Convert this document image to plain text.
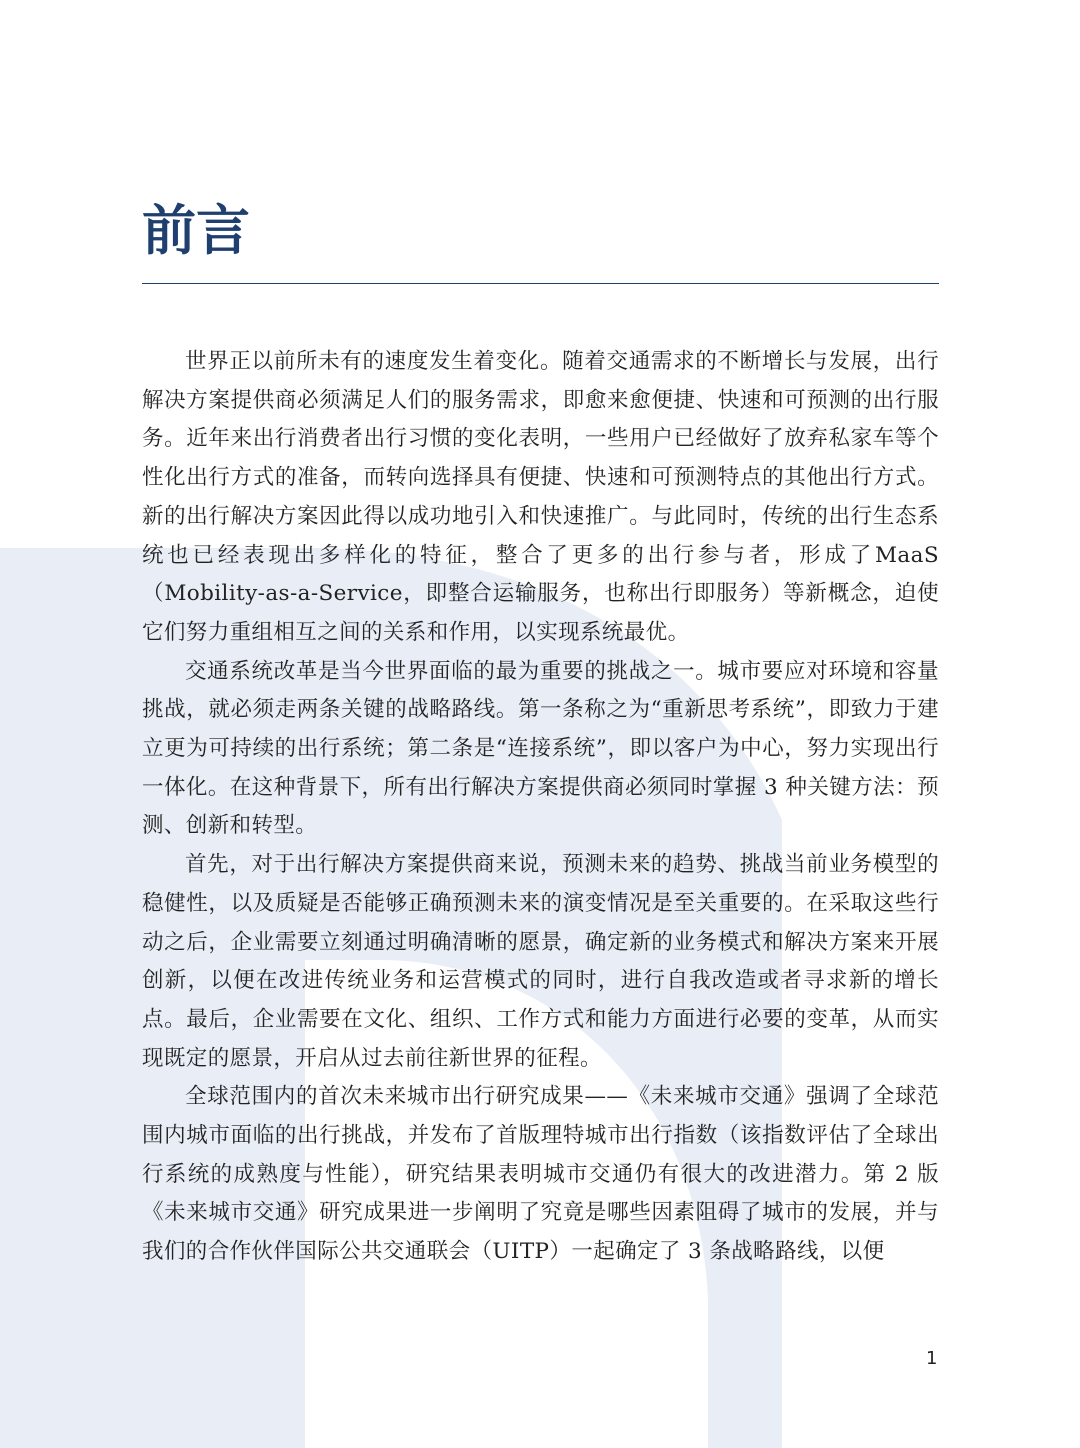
前言

世界正以前所未有的速度发生着变化。随着交通需求的不断增长与发展，出行解决方案提供商必须满足人们的服务需求，即愈来愈便捷、快速和可预测的出行服务。近年来出行消费者出行习惯的变化表明，一些用户已经做好了放弃私家车等个性化出行方式的准备，而转向选择具有便捷、快速和可预测特点的其他出行方式。新的出行解决方案因此得以成功地引入和快速推广。与此同时，传统的出行生态系统也已经表现出多样化的特征，整合了更多的出行参与者，形成了MaaS（Mobility-as-a-Service，即整合运输服务，也称出行即服务）等新概念，迫使它们努力重组相互之间的关系和作用，以实现系统最优。

交通系统改革是当今世界面临的最为重要的挑战之一。城市要应对环境和容量挑战，就必须走两条关键的战略路线。第一条称之为“重新思考系统”，即致力于建立更为可持续的出行系统；第二条是“连接系统”，即以客户为中心，努力实现出行一体化。在这种背景下，所有出行解决方案提供商必须同时掌握 3 种关键方法：预测、创新和转型。

首先，对于出行解决方案提供商来说，预测未来的趋势、挑战当前业务模型的稳健性，以及质疑是否能够正确预测未来的演变情况是至关重要的。在采取这些行动之后，企业需要立刻通过明确清晰的愿景，确定新的业务模式和解决方案来开展创新，以便在改进传统业务和运营模式的同时，进行自我改造或者寻求新的增长点。最后，企业需要在文化、组织、工作方式和能力方面进行必要的变革，从而实现既定的愿景，开启从过去前往新世界的征程。

全球范围内的首次未来城市出行研究成果——《未来城市交通》强调了全球范围内城市面临的出行挑战，并发布了首版理特城市出行指数（该指数评估了全球出行系统的成熟度与性能），研究结果表明城市交通仍有很大的改进潜力。第 2 版《未来城市交通》研究成果进一步阐明了究竟是哪些因素阻碍了城市的发展，并与我们的合作伙伴国际公共交通联会（UITP）一起确定了 3 条战略路线，以便

1
